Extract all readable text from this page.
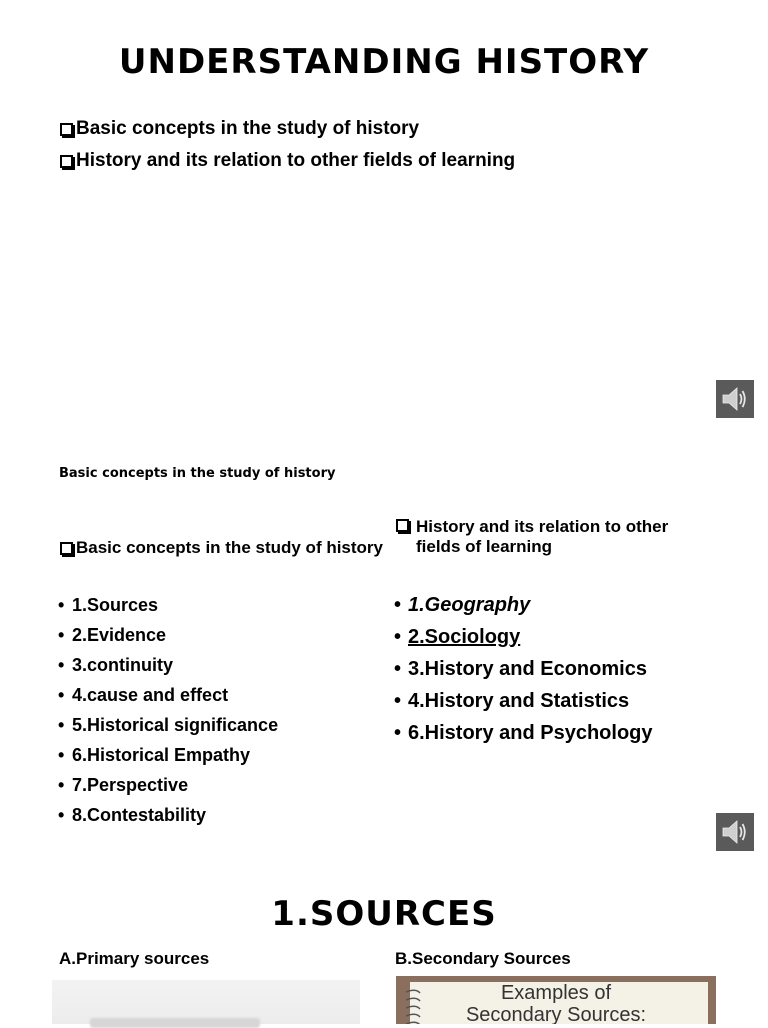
UNDERSTANDING HISTORY
Basic concepts in the study of history
History and its relation to other fields of learning
Basic concepts in the study of history
Basic concepts in the study of history
• 1.Sources
• 2.Evidence
• 3.continuity
• 4.cause and effect
• 5.Historical significance
• 6.Historical Empathy
• 7.Perspective
• 8.Contestability
History and its relation to other
fields of learning
• 1.Geography
• 2.Sociology
• 3.History and Economics
• 4.History and Statistics
• 6.History and Psychology
1.SOURCES
A.Primary sources	B.Secondary Sources
Examples of
Secondary Sources:
